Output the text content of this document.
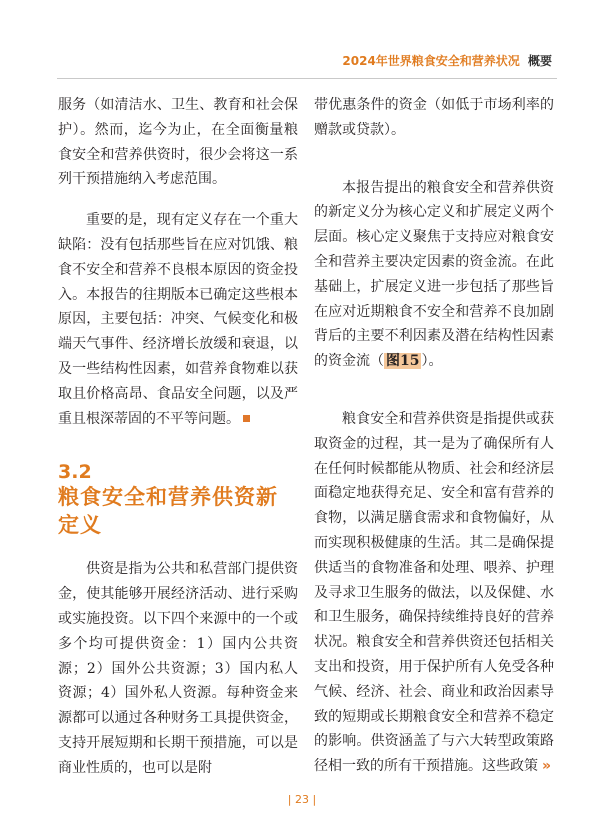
2024年世界粮食安全和营养状况 概要

服务（如清洁水、卫生、教育和社会保护）。然而，迄今为止，在全面衡量粮食安全和营养供资时，很少会将这一系列干预措施纳入考虑范围。

重要的是，现有定义存在一个重大缺陷：没有包括那些旨在应对饥饿、粮食不安全和营养不良根本原因的资金投入。本报告的往期版本已确定这些根本原因，主要包括：冲突、气候变化和极端天气事件、经济增长放缓和衰退，以及一些结构性因素，如营养食物难以获取且价格高昂、食品安全问题，以及严重且根深蒂固的不平等问题。

3.2
粮食安全和营养供资新定义

供资是指为公共和私营部门提供资金，使其能够开展经济活动、进行采购或实施投资。以下四个来源中的一个或多个均可提供资金：1）国内公共资源；2）国外公共资源；3）国内私人资源；4）国外私人资源。每种资金来源都可以通过各种财务工具提供资金，支持开展短期和长期干预措施，可以是商业性质的，也可以是附

带优惠条件的资金（如低于市场利率的赠款或贷款）。

本报告提出的粮食安全和营养供资的新定义分为核心定义和扩展定义两个层面。核心定义聚焦于支持应对粮食安全和营养主要决定因素的资金流。在此基础上，扩展定义进一步包括了那些旨在应对近期粮食不安全和营养不良加剧背后的主要不利因素及潜在结构性因素的资金流（ 图15 ）。

粮食安全和营养供资是指提供或获取资金的过程，其一是为了确保所有人在任何时候都能从物质、社会和经济层面稳定地获得充足、安全和富有营养的食物，以满足膳食需求和食物偏好，从而实现积极健康的生活。其二是确保提供适当的食物准备和处理、喂养、护理及寻求卫生服务的做法，以及保健、水和卫生服务，确保持续维持良好的营养状况。粮食安全和营养供资还包括相关支出和投资，用于保护所有人免受各种气候、经济、社会、商业和政治因素导致的短期或长期粮食安全和营养不稳定的影响。供资涵盖了与六大转型政策路径相一致的所有干预措施。这些政策 »

| 23 |
